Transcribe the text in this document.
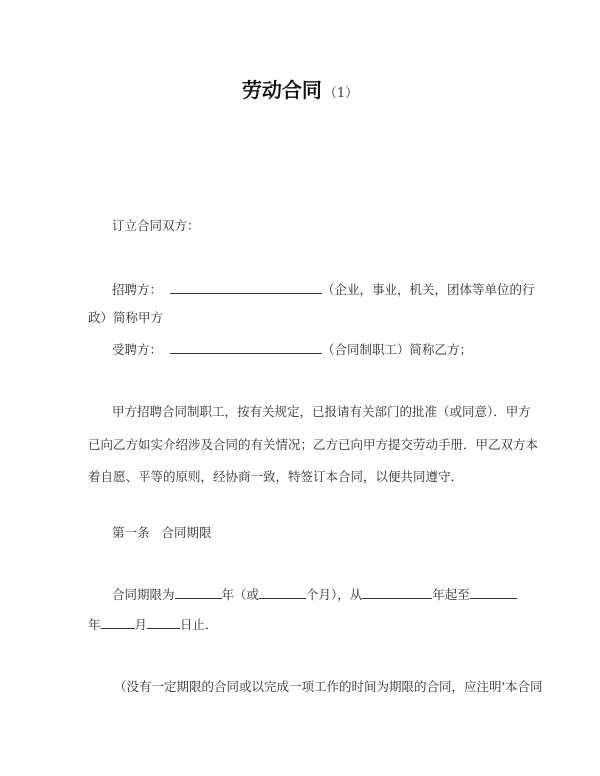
劳动合同 （1）
订立合同双方：
招聘方：	（企业，事业，机关，团体等单位的行
政）简称甲方
受聘方：	（合同制职工）简称乙方；
甲方招聘合同制职工，按有关规定，已报请有关部门的批准（或同意）．甲方
已向乙方如实介绍涉及合同的有关情况；乙方已向甲方提交劳动手册．甲乙双方本
着自愿、平等的原则，经协商一致，特签订本合同，以便共同遵守．
第一条 合同期限
合同期限为	年（或	个月），从	年起至
年	月	日止．
（没有一定期限的合同或以完成一项工作的时间为期限的合同，应注明'本合同
